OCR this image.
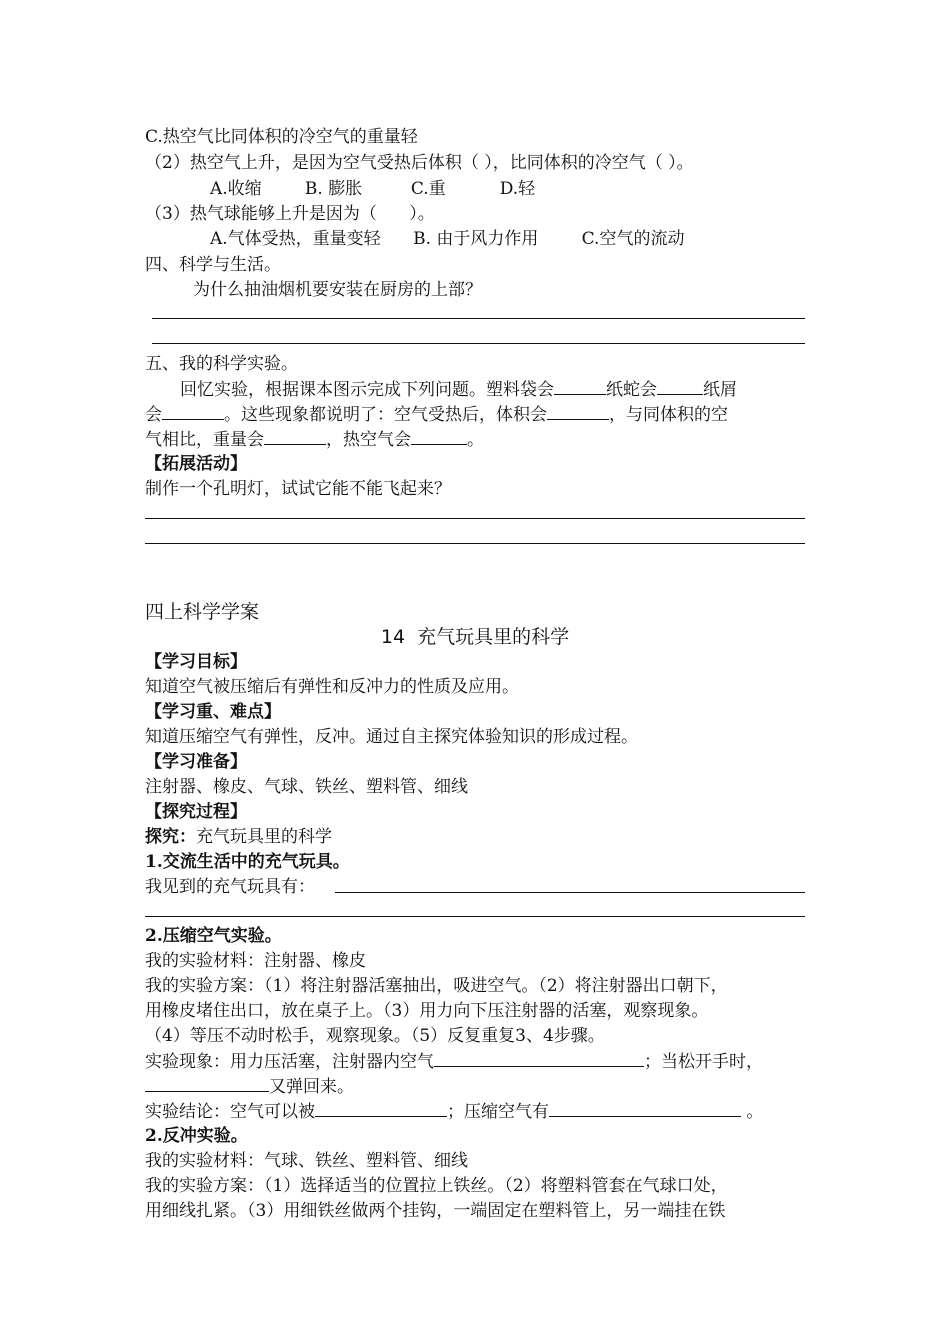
C.热空气比同体积的冷空气的重量轻
（2）热空气上升，是因为空气受热后体积（ ），比同体积的冷空气（ ）。
A.收缩        B. 膨胀         C.重          D.轻
（3）热气球能够上升是因为（      ）。
A.气体受热，重量变轻      B. 由于风力作用        C.空气的流动
四、科学与生活。
为什么抽油烟机要安装在厨房的上部？
五、我的科学实验。
回忆实验，根据课本图示完成下列问题。塑料袋会	纸蛇会	纸屑
会	。这些现象都说明了：空气受热后，体积会	，与同体积的空
气相比，重量会	，热空气会	。
【拓展活动】
制作一个孔明灯，试试它能不能飞起来？
四上科学学案
14  充气玩具里的科学
【学习目标】
知道空气被压缩后有弹性和反冲力的性质及应用。
【学习重、难点】
知道压缩空气有弹性，反冲。通过自主探究体验知识的形成过程。
【学习准备】
注射器、橡皮、气球、铁丝、塑料管、细线
【探究过程】
探究：充气玩具里的科学
1.交流生活中的充气玩具。
我见到的充气玩具有：
2.压缩空气实验。
我的实验材料：注射器、橡皮
我的实验方案：（1）将注射器活塞抽出，吸进空气。（2）将注射器出口朝下，
用橡皮堵住出口，放在桌子上。（3）用力向下压注射器的活塞，观察现象。
（4）等压不动时松手，观察现象。（5）反复重复3、4步骤。
实验现象：用力压活塞，注射器内空气	；当松开手时，
又弹回来。
实验结论：空气可以被	；压缩空气有	。
2.反冲实验。
我的实验材料：气球、铁丝、塑料管、细线
我的实验方案：（1）选择适当的位置拉上铁丝。（2）将塑料管套在气球口处，
用细线扎紧。（3）用细铁丝做两个挂钩，一端固定在塑料管上，另一端挂在铁
